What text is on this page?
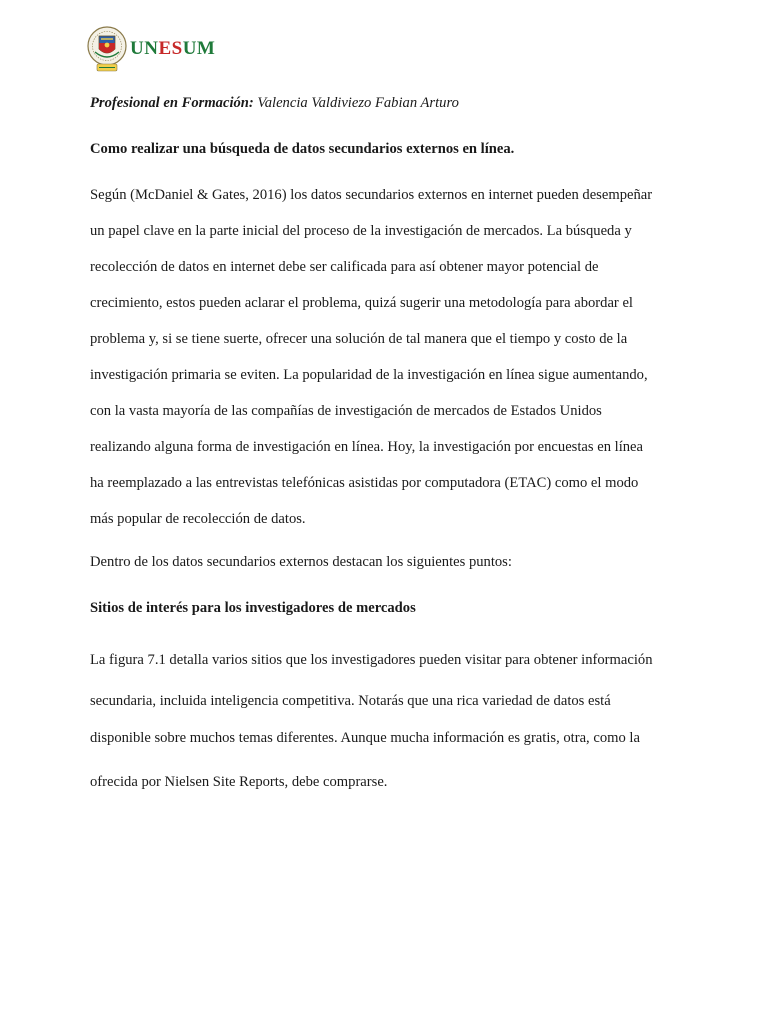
UNESUM
Profesional en Formación: Valencia Valdiviezo Fabian Arturo
Como realizar una búsqueda de datos secundarios externos en línea.
Según (McDaniel & Gates, 2016) los datos secundarios externos en internet pueden desempeñar
un papel clave en la parte inicial del proceso de la investigación de mercados. La búsqueda y
recolección de datos en internet debe ser calificada para así obtener mayor potencial de
crecimiento, estos pueden aclarar el problema, quizá sugerir una metodología para abordar el
problema y, si se tiene suerte, ofrecer una solución de tal manera que el tiempo y costo de la
investigación primaria se eviten. La popularidad de la investigación en línea sigue aumentando,
con la vasta mayoría de las compañías de investigación de mercados de Estados Unidos
realizando alguna forma de investigación en línea. Hoy, la investigación por encuestas en línea
ha reemplazado a las entrevistas telefónicas asistidas por computadora (ETAC) como el modo
más popular de recolección de datos.
Dentro de los datos secundarios externos destacan los siguientes puntos:
Sitios de interés para los investigadores de mercados
La figura 7.1 detalla varios sitios que los investigadores pueden visitar para obtener información
secundaria, incluida inteligencia competitiva. Notarás que una rica variedad de datos está
disponible sobre muchos temas diferentes. Aunque mucha información es gratis, otra, como la
ofrecida por Nielsen Site Reports, debe comprarse.
